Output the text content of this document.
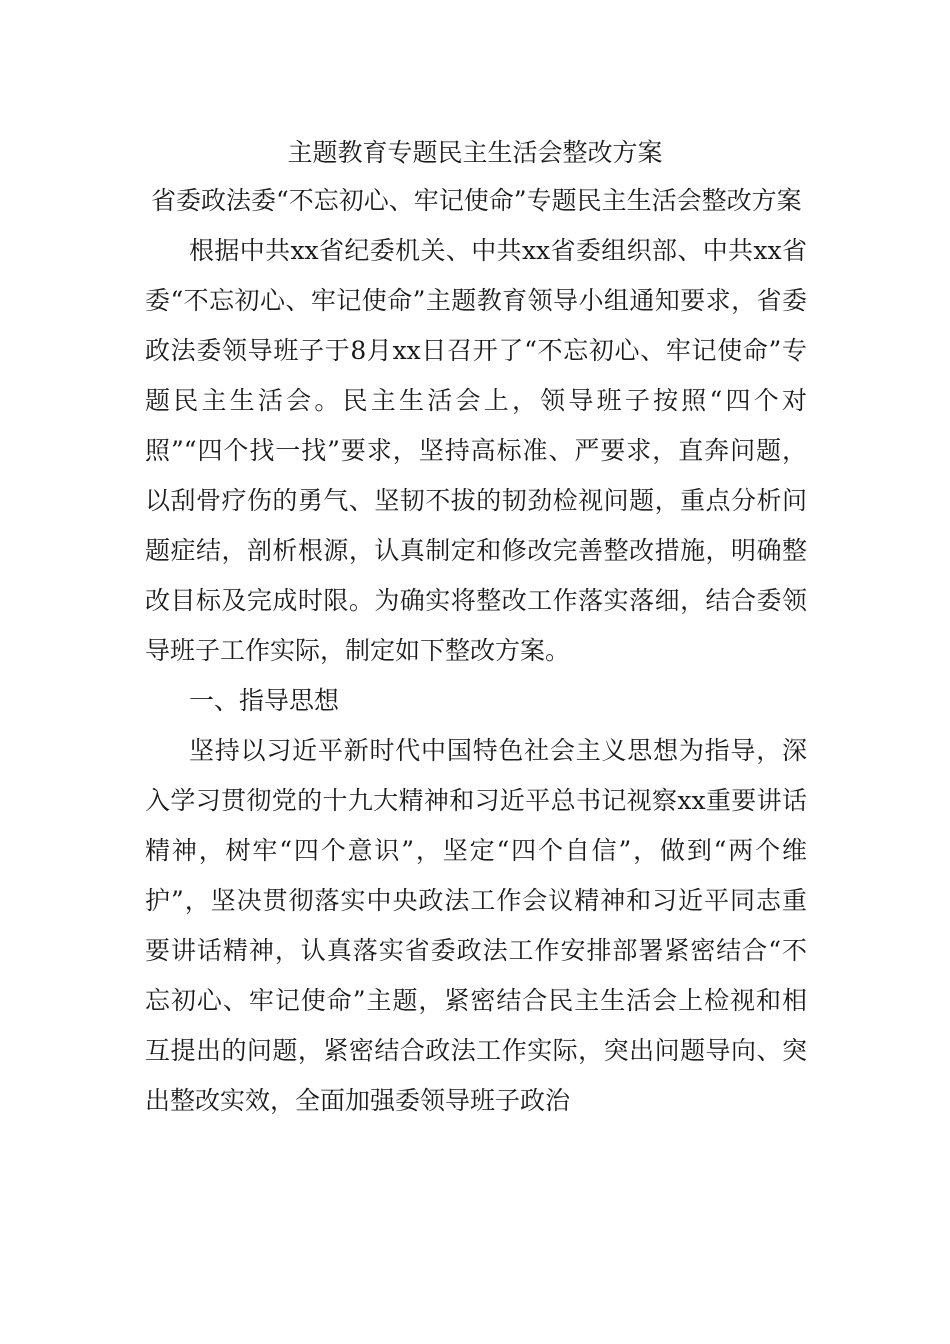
主题教育专题民主生活会整改方案

省委政法委“不忘初心、牢记使命”专题民主生活会整改方案

根据中共xx省纪委机关、中共xx省委组织部、中共xx省委“不忘初心、牢记使命”主题教育领导小组通知要求，省委政法委领导班子于8月xx日召开了“不忘初心、牢记使命”专题民主生活会。民主生活会上，领导班子按照“四个对照”“四个找一找”要求，坚持高标准、严要求，直奔问题，以刮骨疗伤的勇气、坚韧不拔的韧劲检视问题，重点分析问题症结，剖析根源，认真制定和修改完善整改措施，明确整改目标及完成时限。为确实将整改工作落实落细，结合委领导班子工作实际，制定如下整改方案。

一、指导思想

坚持以习近平新时代中国特色社会主义思想为指导，深入学习贯彻党的十九大精神和习近平总书记视察xx重要讲话精神，树牢“四个意识”，坚定“四个自信”，做到“两个维护”，坚决贯彻落实中央政法工作会议精神和习近平同志重要讲话精神，认真落实省委政法工作安排部署紧密结合“不忘初心、牢记使命”主题，紧密结合民主生活会上检视和相互提出的问题，紧密结合政法工作实际，突出问题导向、突出整改实效，全面加强委领导班子政治
